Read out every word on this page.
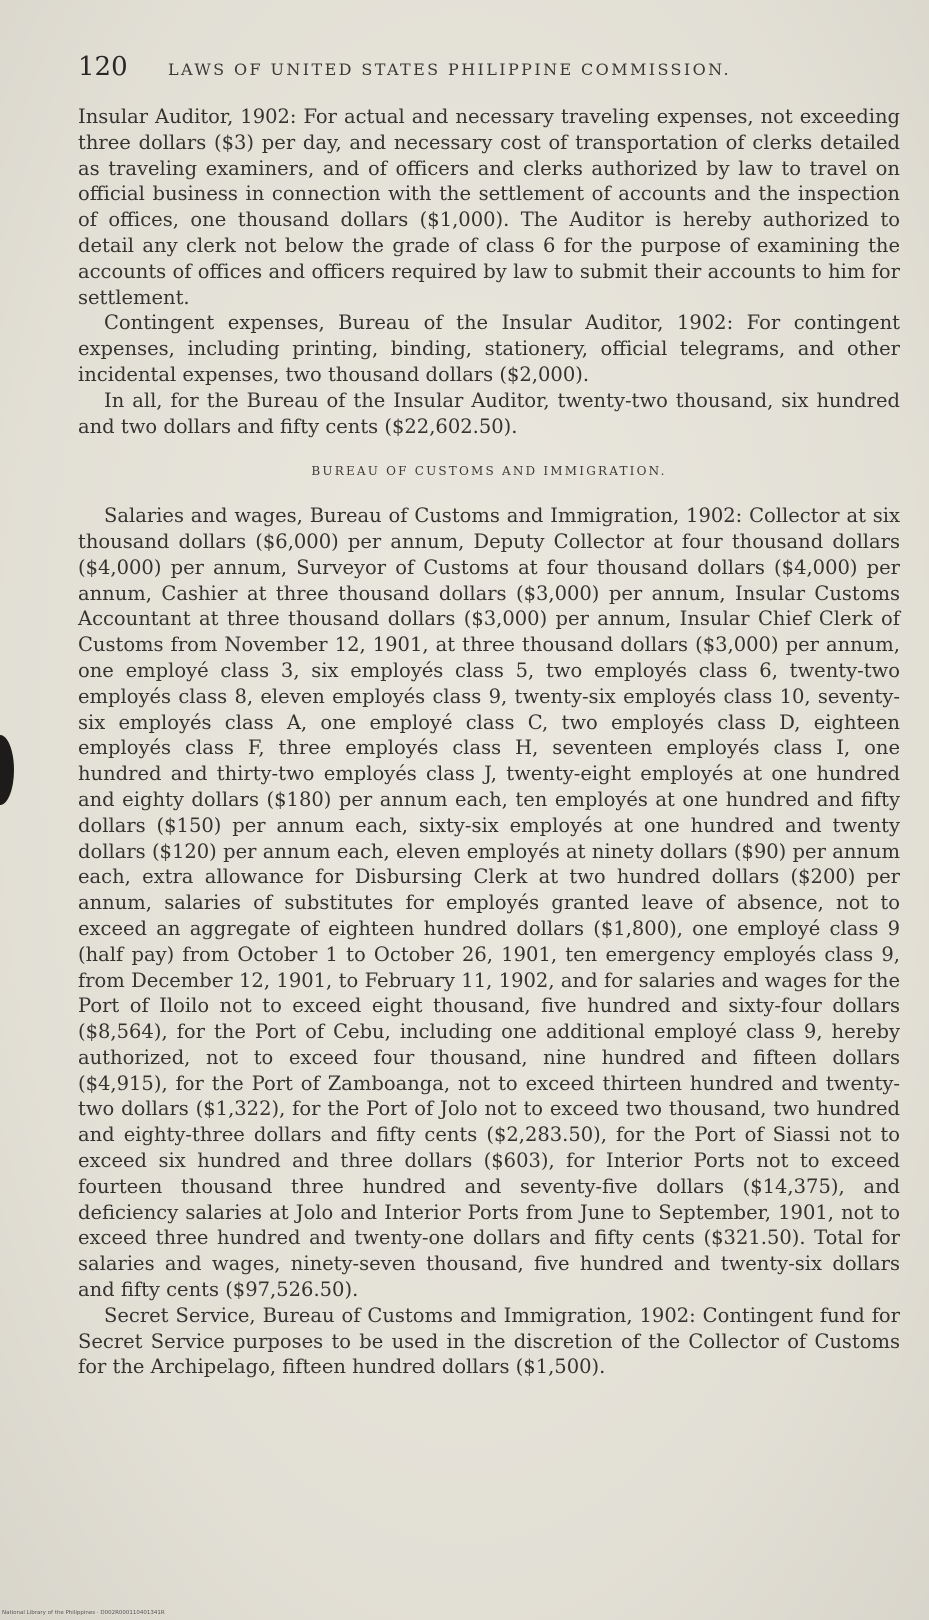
120	LAWS OF UNITED STATES PHILIPPINE COMMISSION.

Insular Auditor, 1902: For actual and necessary traveling expenses, not exceeding three dollars ($3) per day, and necessary cost of transportation of clerks detailed as traveling examiners, and of officers and clerks authorized by law to travel on official business in connection with the settlement of accounts and the inspection of offices, one thousand dollars ($1,000). The Auditor is hereby authorized to detail any clerk not below the grade of class 6 for the purpose of examining the accounts of offices and officers required by law to submit their accounts to him for settlement.

Contingent expenses, Bureau of the Insular Auditor, 1902: For contingent expenses, including printing, binding, stationery, official telegrams, and other incidental expenses, two thousand dollars ($2,000).

In all, for the Bureau of the Insular Auditor, twenty-two thousand, six hundred and two dollars and fifty cents ($22,602.50).

BUREAU OF CUSTOMS AND IMMIGRATION.

Salaries and wages, Bureau of Customs and Immigration, 1902: Collector at six thousand dollars ($6,000) per annum, Deputy Collector at four thousand dollars ($4,000) per annum, Surveyor of Customs at four thousand dollars ($4,000) per annum, Cashier at three thousand dollars ($3,000) per annum, Insular Customs Accountant at three thousand dollars ($3,000) per annum, Insular Chief Clerk of Customs from November 12, 1901, at three thousand dollars ($3,000) per annum, one employé class 3, six employés class 5, two employés class 6, twenty-two employés class 8, eleven employés class 9, twenty-six employés class 10, seventy-six employés class A, one employé class C, two employés class D, eighteen employés class F, three employés class H, seventeen employés class I, one hundred and thirty-two employés class J, twenty-eight employés at one hundred and eighty dollars ($180) per annum each, ten employés at one hundred and fifty dollars ($150) per annum each, sixty-six employés at one hundred and twenty dollars ($120) per annum each, eleven employés at ninety dollars ($90) per annum each, extra allowance for Disbursing Clerk at two hundred dollars ($200) per annum, salaries of substitutes for employés granted leave of absence, not to exceed an aggregate of eighteen hundred dollars ($1,800), one employé class 9 (half pay) from October 1 to October 26, 1901, ten emergency employés class 9, from December 12, 1901, to February 11, 1902, and for salaries and wages for the Port of Iloilo not to exceed eight thousand, five hundred and sixty-four dollars ($8,564), for the Port of Cebu, including one additional employé class 9, hereby authorized, not to exceed four thousand, nine hundred and fifteen dollars ($4,915), for the Port of Zamboanga, not to exceed thirteen hundred and twenty-two dollars ($1,322), for the Port of Jolo not to exceed two thousand, two hundred and eighty-three dollars and fifty cents ($2,283.50), for the Port of Siassi not to exceed six hundred and three dollars ($603), for Interior Ports not to exceed fourteen thousand three hundred and seventy-five dollars ($14,375), and deficiency salaries at Jolo and Interior Ports from June to September, 1901, not to exceed three hundred and twenty-one dollars and fifty cents ($321.50). Total for salaries and wages, ninety-seven thousand, five hundred and twenty-six dollars and fifty cents ($97,526.50).

Secret Service, Bureau of Customs and Immigration, 1902: Contingent fund for Secret Service purposes to be used in the discretion of the Collector of Customs for the Archipelago, fifteen hundred dollars ($1,500).

National Library of the Philippines · D002R000110401341R
